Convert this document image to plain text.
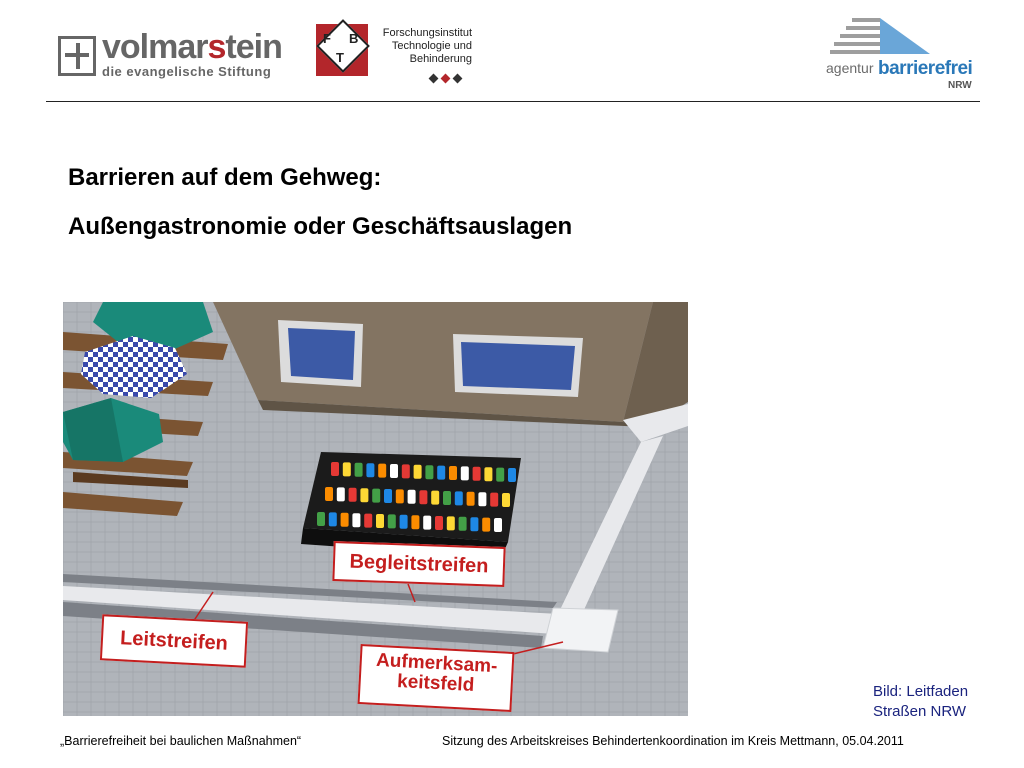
volmarstein
die evangelische Stiftung
F
T
B	Forschungsinstitut
Technologie und
Behinderung
agentur barrierefrei
NRW
Barrieren auf dem Gehweg:
Außengastronomie oder Geschäftsauslagen
Begleitstreifen
Leitstreifen
Aufmerksam-
keitsfeld	Bild: Leitfaden
Straßen NRW
„Barrierefreiheit bei baulichen Maßnahmen“	Sitzung des Arbeitskreises Behindertenkoordination im Kreis Mettmann, 05.04.2011
